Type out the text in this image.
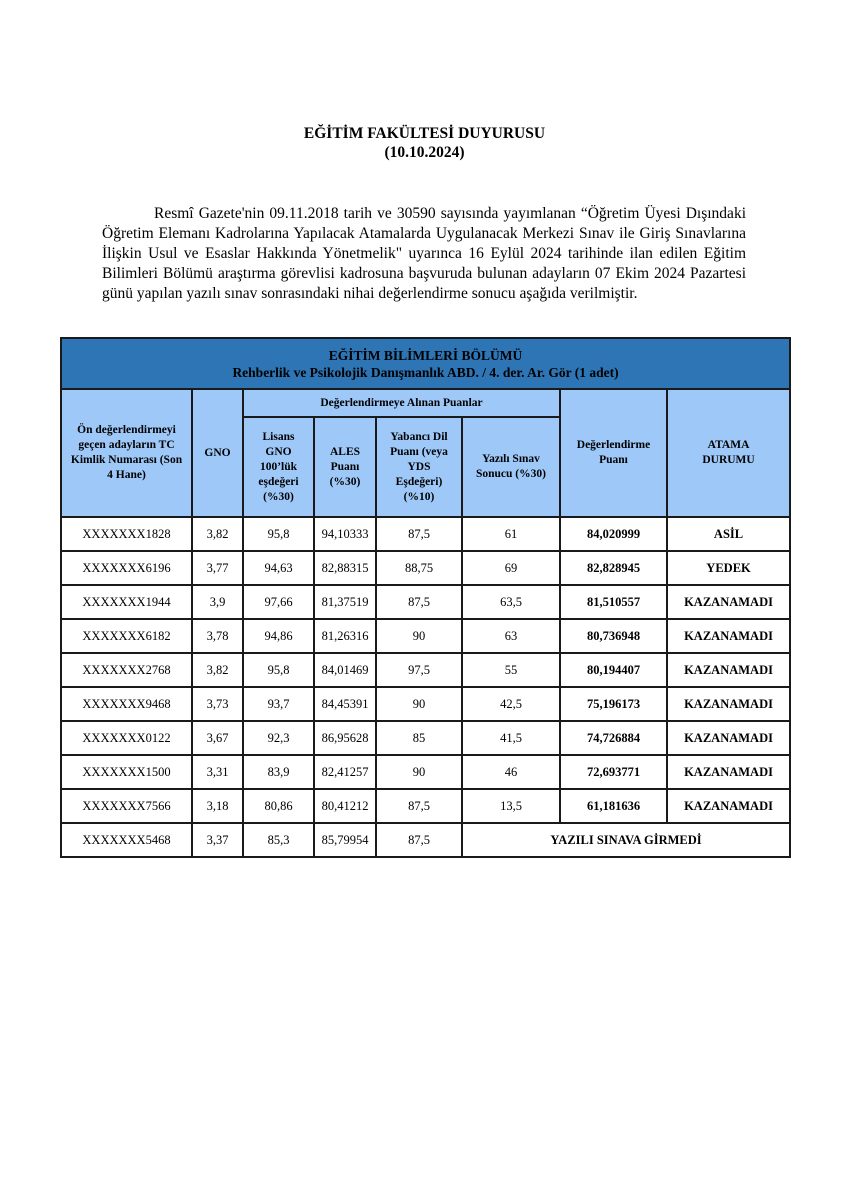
EĞİTİM FAKÜLTESİ DUYURUSU
(10.10.2024)
Resmî Gazete'nin 09.11.2018 tarih ve 30590 sayısında yayımlanan “Öğretim Üyesi Dışındaki Öğretim Elemanı Kadrolarına Yapılacak Atamalarda Uygulanacak Merkezi Sınav ile Giriş Sınavlarına İlişkin Usul ve Esaslar Hakkında Yönetmelik" uyarınca 16 Eylül 2024 tarihinde ilan edilen Eğitim Bilimleri Bölümü araştırma görevlisi kadrosuna başvuruda bulunan adayların 07 Ekim 2024 Pazartesi günü yapılan yazılı sınav sonrasındaki nihai değerlendirme sonucu aşağıda verilmiştir.
EĞİTİM BİLİMLERİ BÖLÜMÜ
Rehberlik ve Psikolojik Danışmanlık ABD. / 4. der. Ar. Gör (1 adet)							

Ön değerlendirmeyi geçen adayların TC Kimlik Numarası (Son 4 Hane)	GNO	Değerlendirmeye Alınan Puanlar				Değerlendirme Puanı	ATAMA DURUMU
		Lisans GNO 100’lük eşdeğeri (%30)	ALES Puanı (%30)	Yabancı Dil Puanı (veya YDS Eşdeğeri) (%10)	Yazılı Sınav Sonucu (%30)		
XXXXXXX1828	3,82	95,8	94,10333	87,5	61	84,020999	ASİL
XXXXXXX6196	3,77	94,63	82,88315	88,75	69	82,828945	YEDEK
XXXXXXX1944	3,9	97,66	81,37519	87,5	63,5	81,510557	KAZANAMADI
XXXXXXX6182	3,78	94,86	81,26316	90	63	80,736948	KAZANAMADI
XXXXXXX2768	3,82	95,8	84,01469	97,5	55	80,194407	KAZANAMADI
XXXXXXX9468	3,73	93,7	84,45391	90	42,5	75,196173	KAZANAMADI
XXXXXXX0122	3,67	92,3	86,95628	85	41,5	74,726884	KAZANAMADI
XXXXXXX1500	3,31	83,9	82,41257	90	46	72,693771	KAZANAMADI
XXXXXXX7566	3,18	80,86	80,41212	87,5	13,5	61,181636	KAZANAMADI
XXXXXXX5468	3,37	85,3	85,79954	87,5	YAZILI SINAVA GİRMEDİ		
